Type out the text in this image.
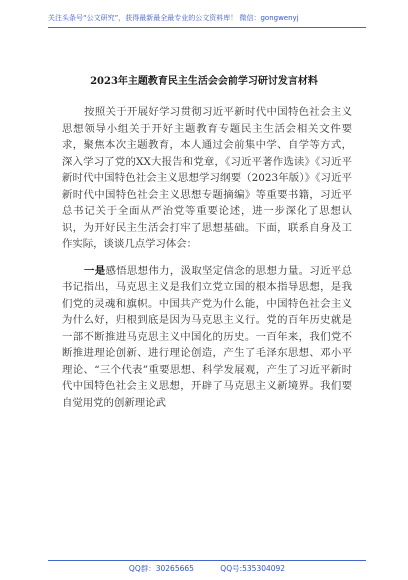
关注头条号“公文研究”，获得最新最全最专业的公文资料库！ 微信：gongwenyj
2023年主题教育民主生活会会前学习研讨发言材料

按照关于开展好学习贯彻习近平新时代中国特色社会主义思想领导小组关于开好主题教育专题民主生活会相关文件要求，聚焦本次主题教育，本人通过会前集中学、自学等方式，深入学习了党的XX大报告和党章，《习近平著作选读》《习近平新时代中国特色社会主义思想学习纲要（2023年版）》《习近平新时代中国特色社会主义思想专题摘编》等重要书籍，习近平总书记关于全面从严治党等重要论述，进一步深化了思想认识，为开好民主生活会打牢了思想基础。下面，联系自身及工作实际，谈谈几点学习体会：

一是感悟思想伟力，汲取坚定信念的思想力量。习近平总书记指出，马克思主义是我们立党立国的根本指导思想，是我们党的灵魂和旗帜。中国共产党为什么能，中国特色社会主义为什么好，归根到底是因为马克思主义行。党的百年历史就是一部不断推进马克思主义中国化的历史。一百年来，我们党不断推进理论创新、进行理论创造，产生了毛泽东思想、邓小平理论、“三个代表”重要思想、科学发展观，产生了习近平新时代中国特色社会主义思想，开辟了马克思主义新境界。我们要自觉用党的创新理论武

QQ群：30265665	QQ号:535304092
